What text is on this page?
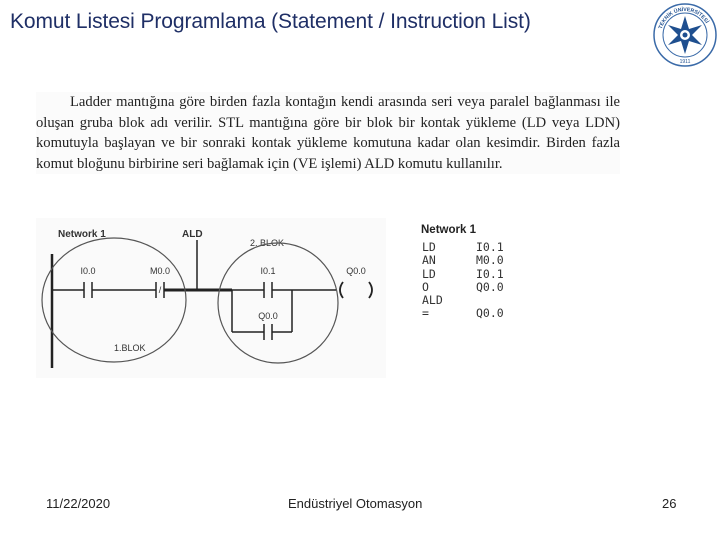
Komut Listesi Programlama (Statement / Instruction List)	TEKNİK ÜNİVERSİTESİ
1911
Ladder mantığına göre birden fazla kontağın kendi arasında seri veya paralel bağlanması ile oluşan gruba blok adı verilir. STL mantığına göre bir blok bir kontak yükleme (LD veya LDN) komutuyla başlayan ve bir sonraki kontak yükleme komutuna kadar olan kesimdir. Birden fazla komut bloğunu birbirine seri bağlamak için (VE işlemi) ALD komutu kullanılır.
Network 1	ALD
2. BLOK
1.BLOK
I0.0	M0.0
/
I0.1
Q0.0
Q0.0
Network 1
LD	I0.1
AN	M0.0
LD	I0.1
O	Q0.0
ALD
=	Q0.0
11/22/2020	Endüstriyel Otomasyon	26
